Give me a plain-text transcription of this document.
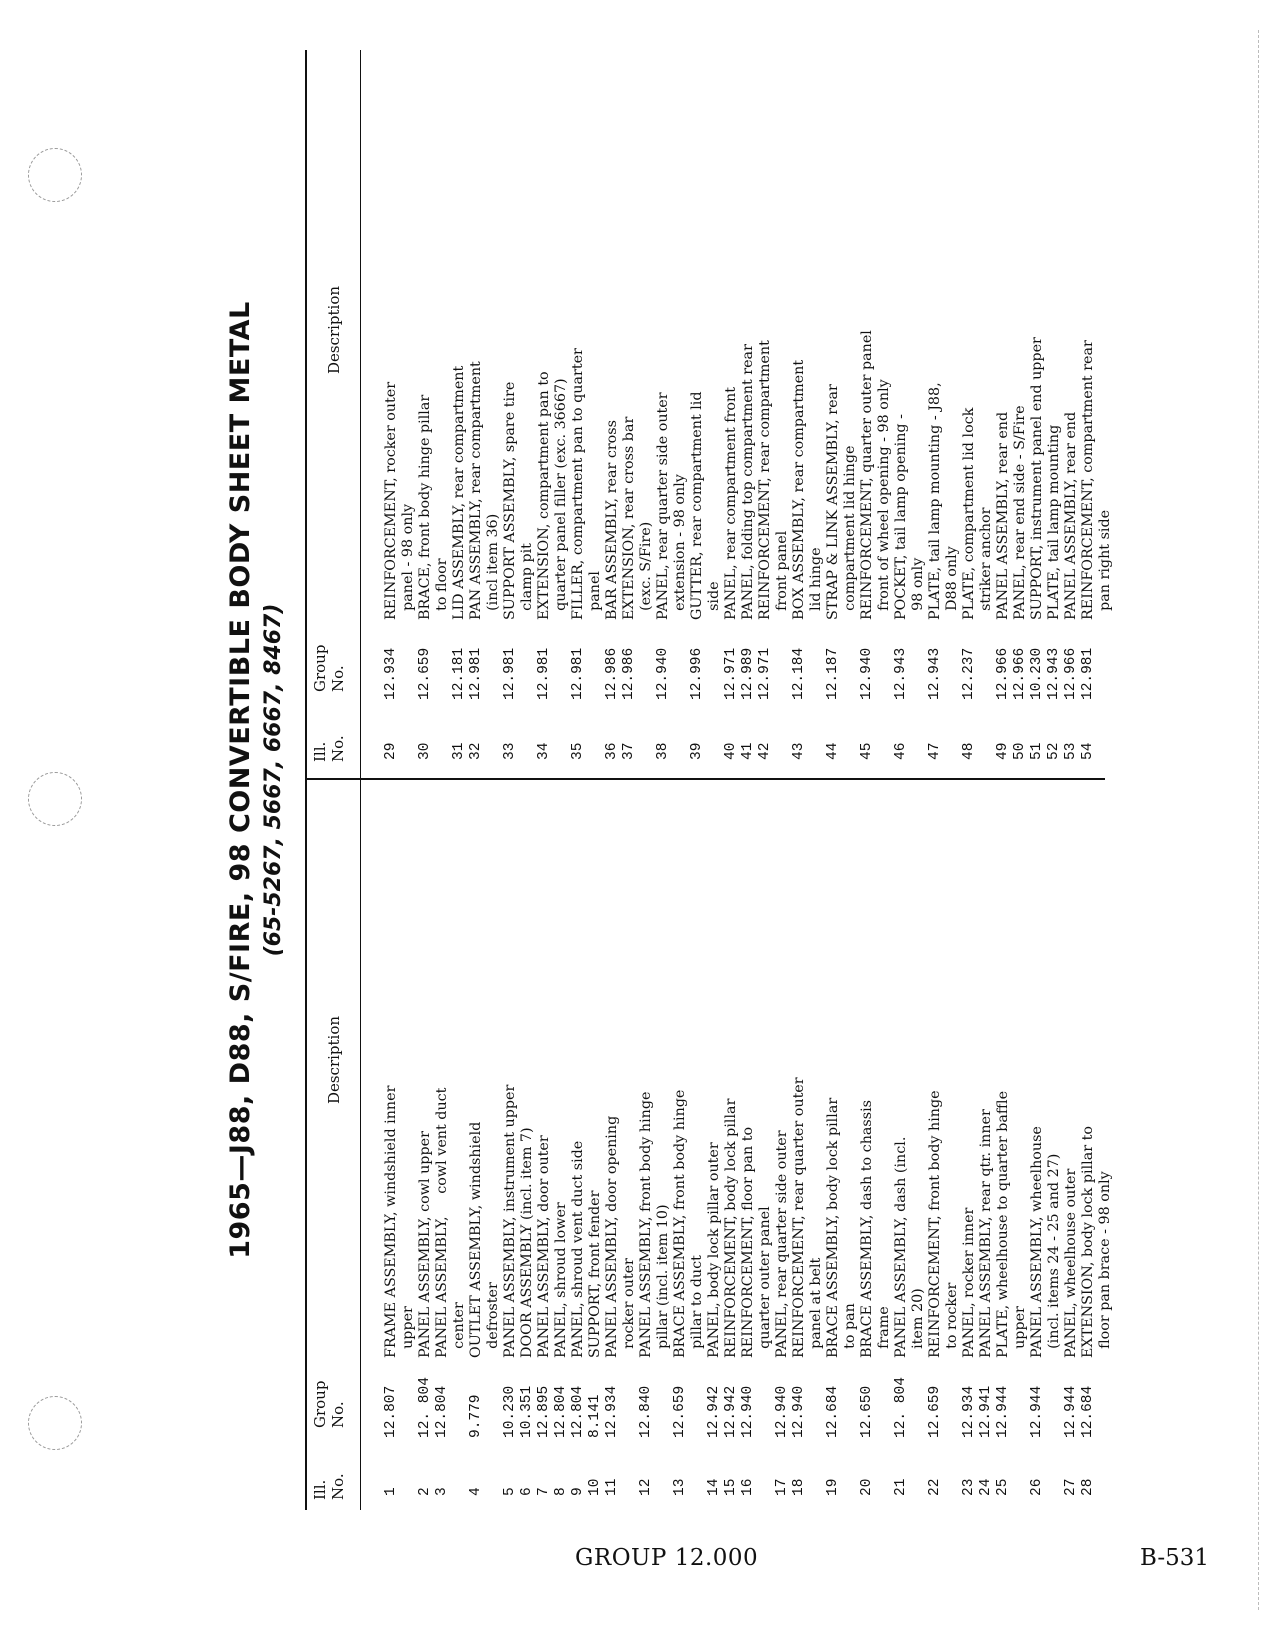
1965—J88, D88, S/FIRE, 98 CONVERTIBLE BODY SHEET METAL (65-5267, 5667, 6667, 8467)
Ill. No.
Group No.
Description
Ill. No.
Group No.
Description
1 2 3 4 5 6 7 8 9 10 11 12 13 14 15 16 17 18 19 20 21 22 23 24 25 26 27 28
12.807 12. 804 12.804 9.779 10.230 10.351 12.895 12.804 12.804 8.141 12.934 12.840 12.659 12.942 12.942 12.940 12.940 12.940 12.684 12.650 12. 804 12.659 12.934 12.941 12.944 12.944 12.944 12.684
FRAME ASSEMBLY, windshield inner upper PANEL ASSEMBLY, cowl upper PANEL ASSEMBLY,     cowl vent duct center OUTLET ASSEMBLY, windshield defroster PANEL ASSEMBLY, instrument upper DOOR ASSEMBLY (incl. item 7) PANEL ASSEMBLY, door outer PANEL, shroud lower PANEL, shroud vent duct side SUPPORT, front fender PANEL ASSEMBLY, door opening rocker outer PANEL ASSEMBLY, front body hinge pillar (incl. item 10) BRACE ASSEMBLY, front body hinge pillar to duct PANEL, body lock pillar outer REINFORCEMENT, body lock pillar REINFORCEMENT, floor pan to quarter outer panel PANEL, rear quarter side outer REINFORCEMENT, rear quarter outer panel at belt BRACE ASSEMBLY, body lock pillar to pan BRACE ASSEMBLY, dash to chassis frame PANEL ASSEMBLY, dash (incl. item 20) REINFORCEMENT, front body hinge to rocker PANEL, rocker inner PANEL ASSEMBLY, rear qtr. inner PLATE, wheelhouse to quarter baffle upper PANEL ASSEMBLY, wheelhouse (incl. items 24 - 25 and 27) PANEL, wheelhouse outer EXTENSION, body lock pillar to floor pan brace - 98 only
29 30 31 32 33 34 35 36 37 38 39 40 41 42 43 44 45 46 47 48 49 50 51 52 53 54
12.934 12.659 12.181 12.981 12.981 12.981 12.981 12.986 12.986 12.940 12.996 12.971 12.989 12.971 12.184 12.187 12.940 12.943 12.943 12.237 12.966 12.966 10.230 12.943 12.966 12.981
REINFORCEMENT, rocker outer panel - 98 only BRACE, front body hinge pillar to floor LID ASSEMBLY, rear compartment PAN ASSEMBLY, rear compartment (incl item 36) SUPPORT ASSEMBLY, spare tire clamp pit EXTENSION, compartment pan to quarter panel filler (exc. 36667) FILLER, compartment pan to quarter panel BAR ASSEMBLY, rear cross EXTENSION, rear cross bar (exc. S/Fire) PANEL, rear quarter side outer extension - 98 only GUTTER, rear compartment lid side PANEL, rear compartment front PANEL, folding top compartment rear REINFORCEMENT, rear compartment front panel BOX ASSEMBLY, rear compartment lid hinge STRAP & LINK ASSEMBLY, rear compartment lid hinge REINFORCEMENT, quarter outer panel front of wheel opening - 98 only POCKET, tail lamp opening - 98 only PLATE, tail lamp mounting - J88, D88 only PLATE, compartment lid lock striker anchor PANEL ASSEMBLY, rear end PANEL, rear end side - S/Fire SUPPORT, instrument panel end upper PLATE, tail lamp mounting PANEL ASSEMBLY, rear end REINFORCEMENT, compartment rear pan right side
GROUP 12.000	B-531
